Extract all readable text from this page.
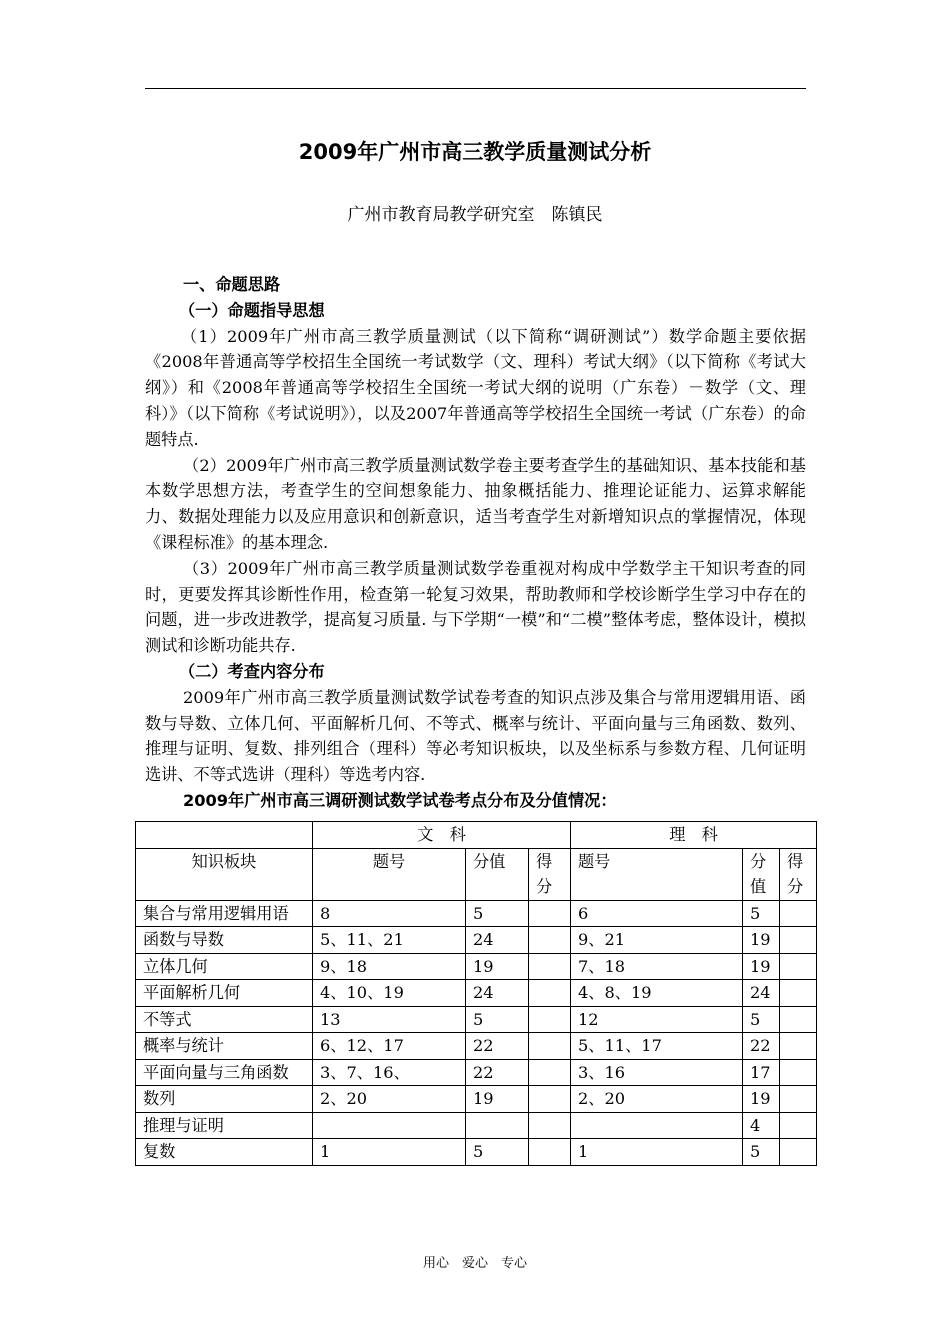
2009年广州市高三教学质量测试分析
广州市教育局教学研究室　陈镇民

一、命题思路

（一）命题指导思想

（1）2009年广州市高三教学质量测试（以下简称“调研测试”）数学命题主要依据《2008年普通高等学校招生全国统一考试数学（文、理科）考试大纲》（以下简称《考试大纲》）和《2008年普通高等学校招生全国统一考试大纲的说明（广东卷）－数学（文、理科）》（以下简称《考试说明》），以及2007年普通高等学校招生全国统一考试（广东卷）的命题特点.

（2）2009年广州市高三教学质量测试数学卷主要考查学生的基础知识、基本技能和基本数学思想方法，考查学生的空间想象能力、抽象概括能力、推理论证能力、运算求解能力、数据处理能力以及应用意识和创新意识，适当考查学生对新增知识点的掌握情况，体现《课程标准》的基本理念.

（3）2009年广州市高三教学质量测试数学卷重视对构成中学数学主干知识考查的同时，更要发挥其诊断性作用，检查第一轮复习效果，帮助教师和学校诊断学生学习中存在的问题，进一步改进教学，提高复习质量. 与下学期“一模”和“二模”整体考虑，整体设计，模拟测试和诊断功能共存.

（二）考查内容分布

2009年广州市高三教学质量测试数学试卷考查的知识点涉及集合与常用逻辑用语、函数与导数、立体几何、平面解析几何、不等式、概率与统计、平面向量与三角函数、数列、推理与证明、复数、排列组合（理科）等必考知识板块，以及坐标系与参数方程、几何证明选讲、不等式选讲（理科）等选考内容.

2009年广州市高三调研测试数学试卷考点分布及分值情况：

	文　科			理　科		
知识板块	题号	分值	得分	题号	分值	得分
集合与常用逻辑用语	8	5		6	5	
函数与导数	5、11、21	24		9、21	19	
立体几何	9、18	19		7、18	19	
平面解析几何	4、10、19	24		4、8、19	24	
不等式	13	5		12	5	
概率与统计	6、12、17	22		5、11、17	22	
平面向量与三角函数	3、7、16、	22		3、16	17	
数列	2、20	19		2、20	19	
推理与证明					4	
复数	1	5		1	5	
用心　爱心　专心
